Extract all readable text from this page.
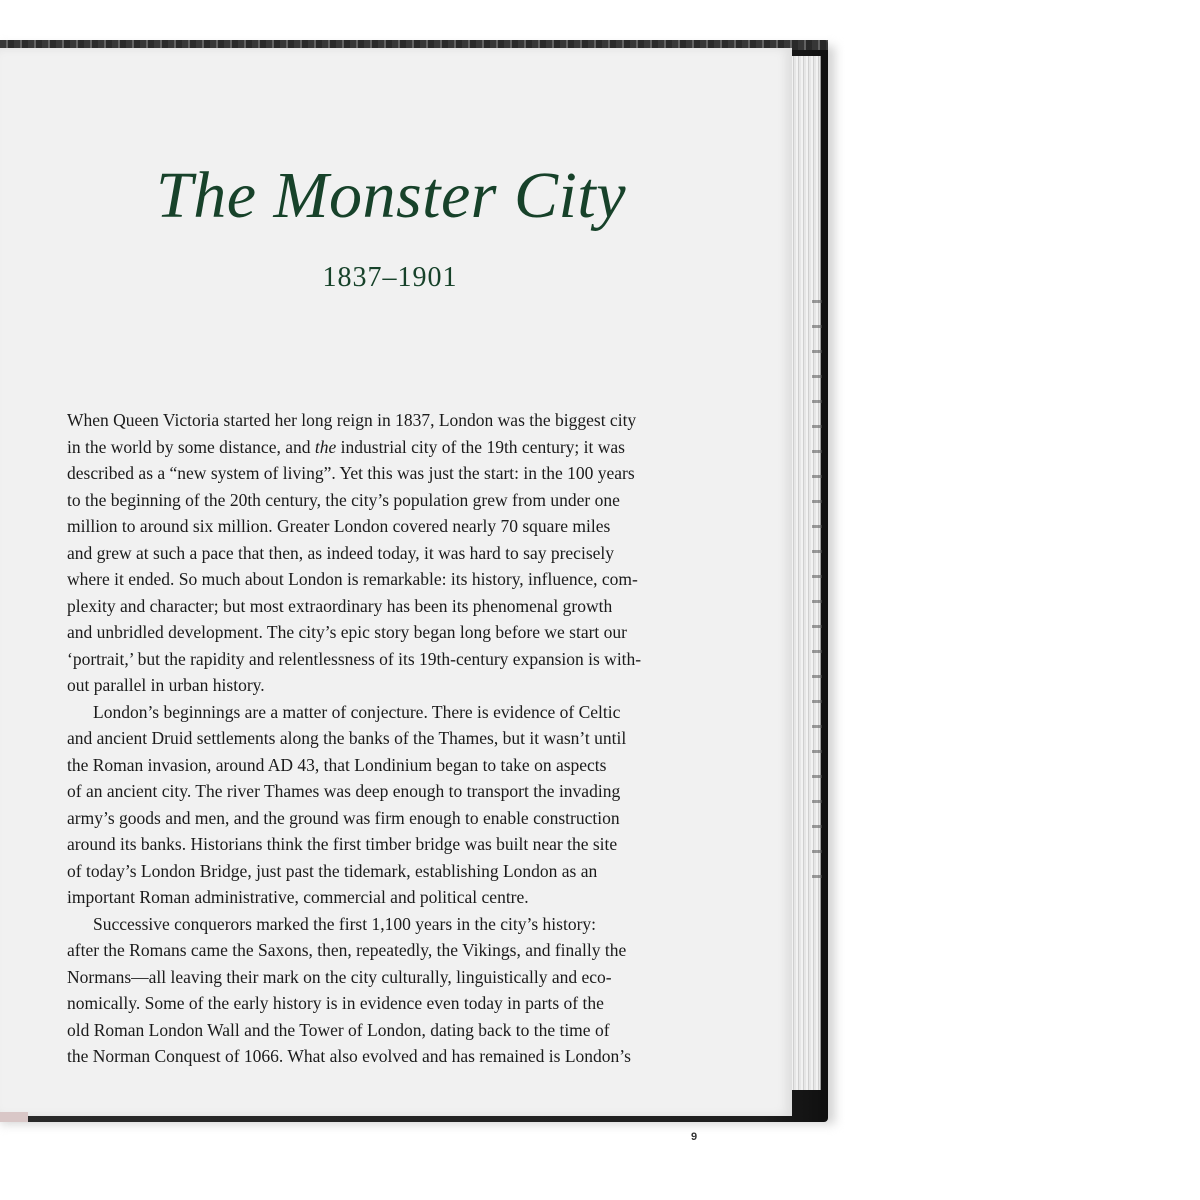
The Monster City
1837–1901
When Queen Victoria started her long reign in 1837, London was the biggest city
in the world by some distance, and the industrial city of the 19th century; it was
described as a “new system of living”. Yet this was just the start: in the 100 years
to the beginning of the 20th century, the city’s population grew from under one
million to around six million. Greater London covered nearly 70 square miles
and grew at such a pace that then, as indeed today, it was hard to say precisely
where it ended. So much about London is remarkable: its history, influence, com-
plexity and character; but most extraordinary has been its phenomenal growth
and unbridled development. The city’s epic story began long before we start our
‘portrait,’ but the rapidity and relentlessness of its 19th-century expansion is with-
out parallel in urban history.
London’s beginnings are a matter of conjecture. There is evidence of Celtic
and ancient Druid settlements along the banks of the Thames, but it wasn’t until
the Roman invasion, around AD 43, that Londinium began to take on aspects
of an ancient city. The river Thames was deep enough to transport the invading
army’s goods and men, and the ground was firm enough to enable construction
around its banks. Historians think the first timber bridge was built near the site
of today’s London Bridge, just past the tidemark, establishing London as an
important Roman administrative, commercial and political centre.
Successive conquerors marked the first 1,100 years in the city’s history:
after the Romans came the Saxons, then, repeatedly, the Vikings, and finally the
Normans—all leaving their mark on the city culturally, linguistically and eco-
nomically. Some of the early history is in evidence even today in parts of the
old Roman London Wall and the Tower of London, dating back to the time of
the Norman Conquest of 1066. What also evolved and has remained is London’s
9
